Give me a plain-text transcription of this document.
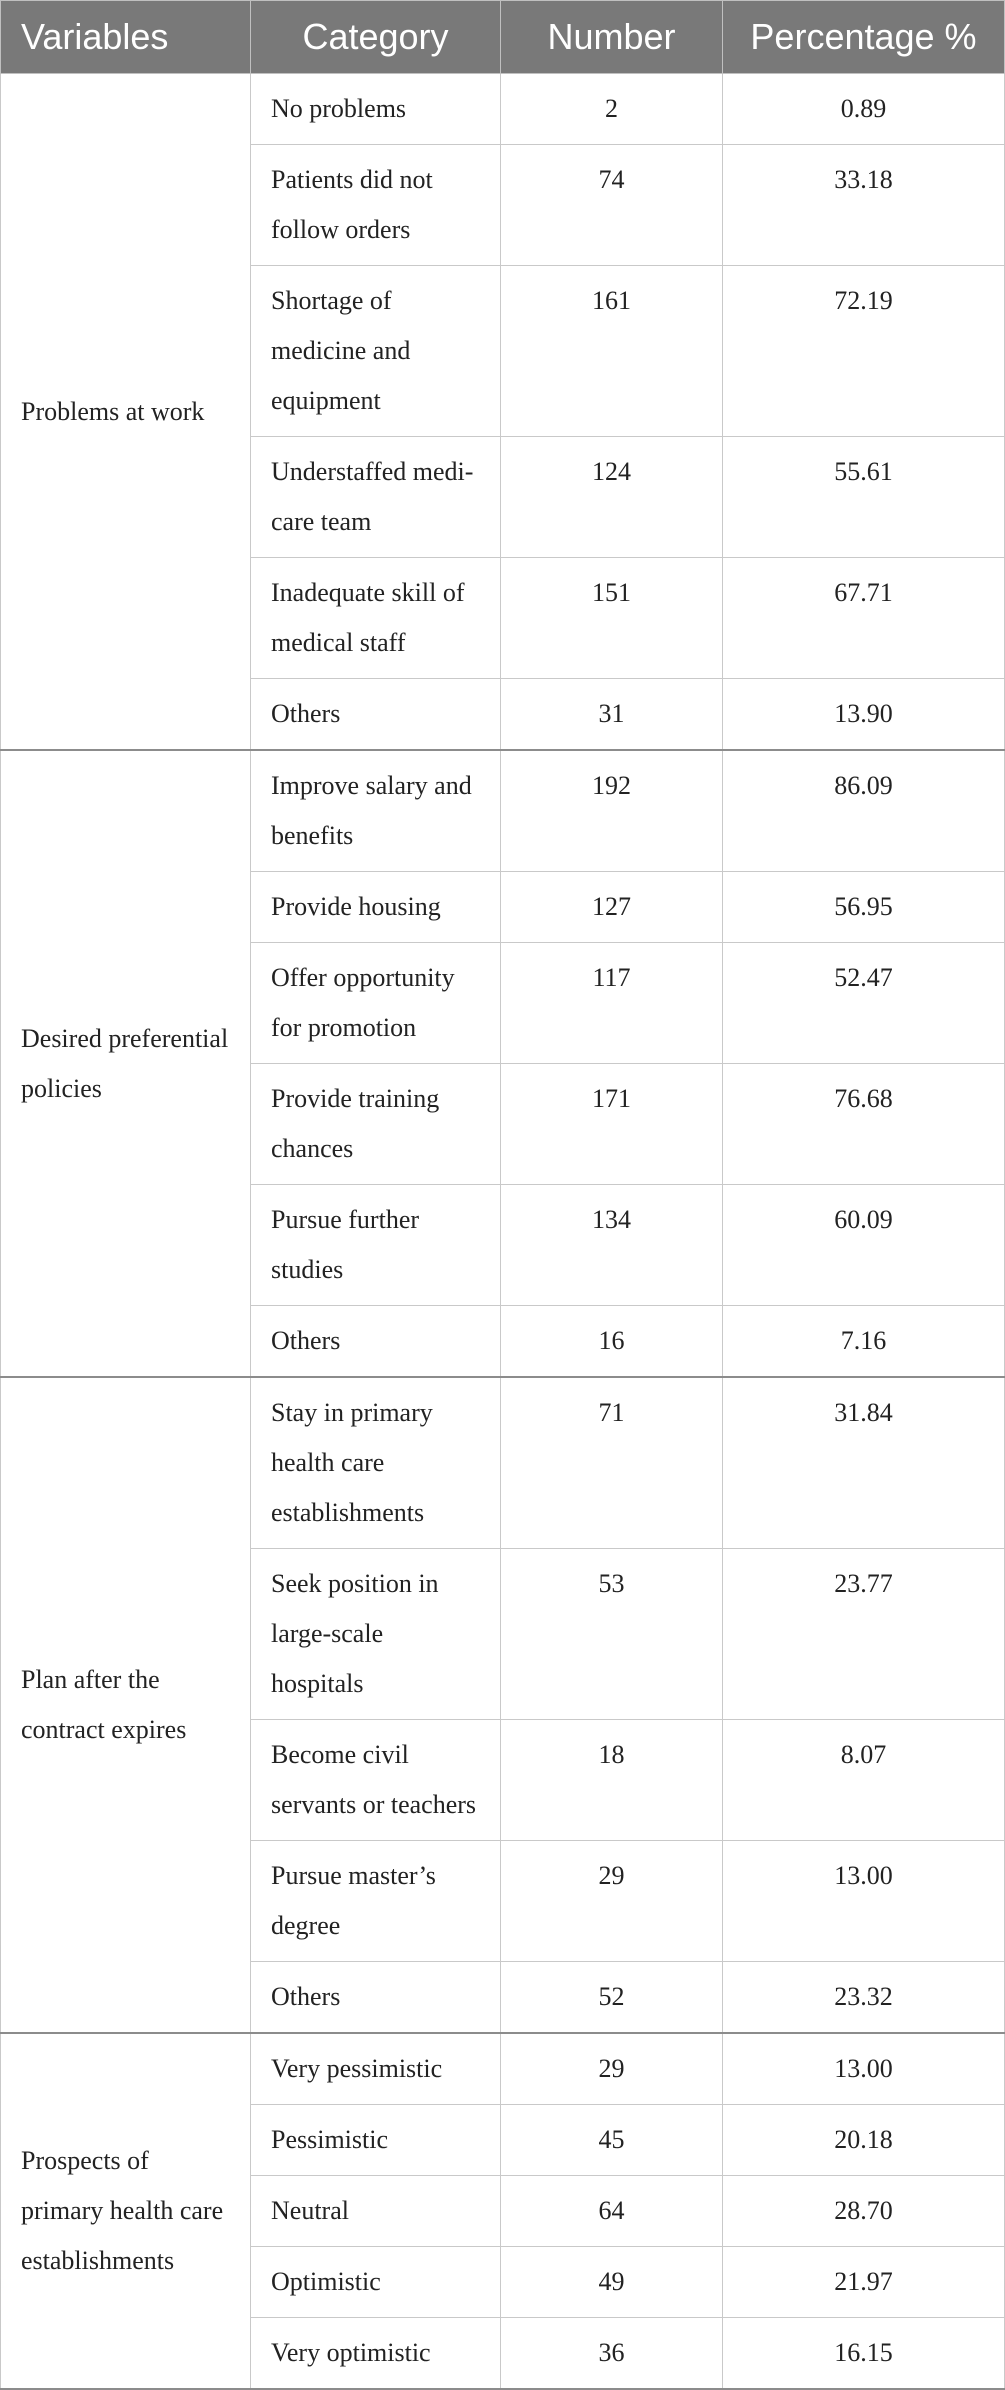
Variables	Category	Number	Percentage %
Problems at work	No problems	2	0.89
	Patients did not follow orders	74	33.18
	Shortage of medicine and equipment	161	72.19
	Understaffed medi-care team	124	55.61
	Inadequate skill of medical staff	151	67.71
	Others	31	13.90
Desired preferential policies	Improve salary and benefits	192	86.09
	Provide housing	127	56.95
	Offer opportunity for promotion	117	52.47
	Provide training chances	171	76.68
	Pursue further studies	134	60.09
	Others	16	7.16
Plan after the contract expires	Stay in primary health care establishments	71	31.84
	Seek position in large-scale hospitals	53	23.77
	Become civil servants or teachers	18	8.07
	Pursue master’s degree	29	13.00
	Others	52	23.32
Prospects of primary health care establishments	Very pessimistic	29	13.00
	Pessimistic	45	20.18
	Neutral	64	28.70
	Optimistic	49	21.97
	Very optimistic	36	16.15
